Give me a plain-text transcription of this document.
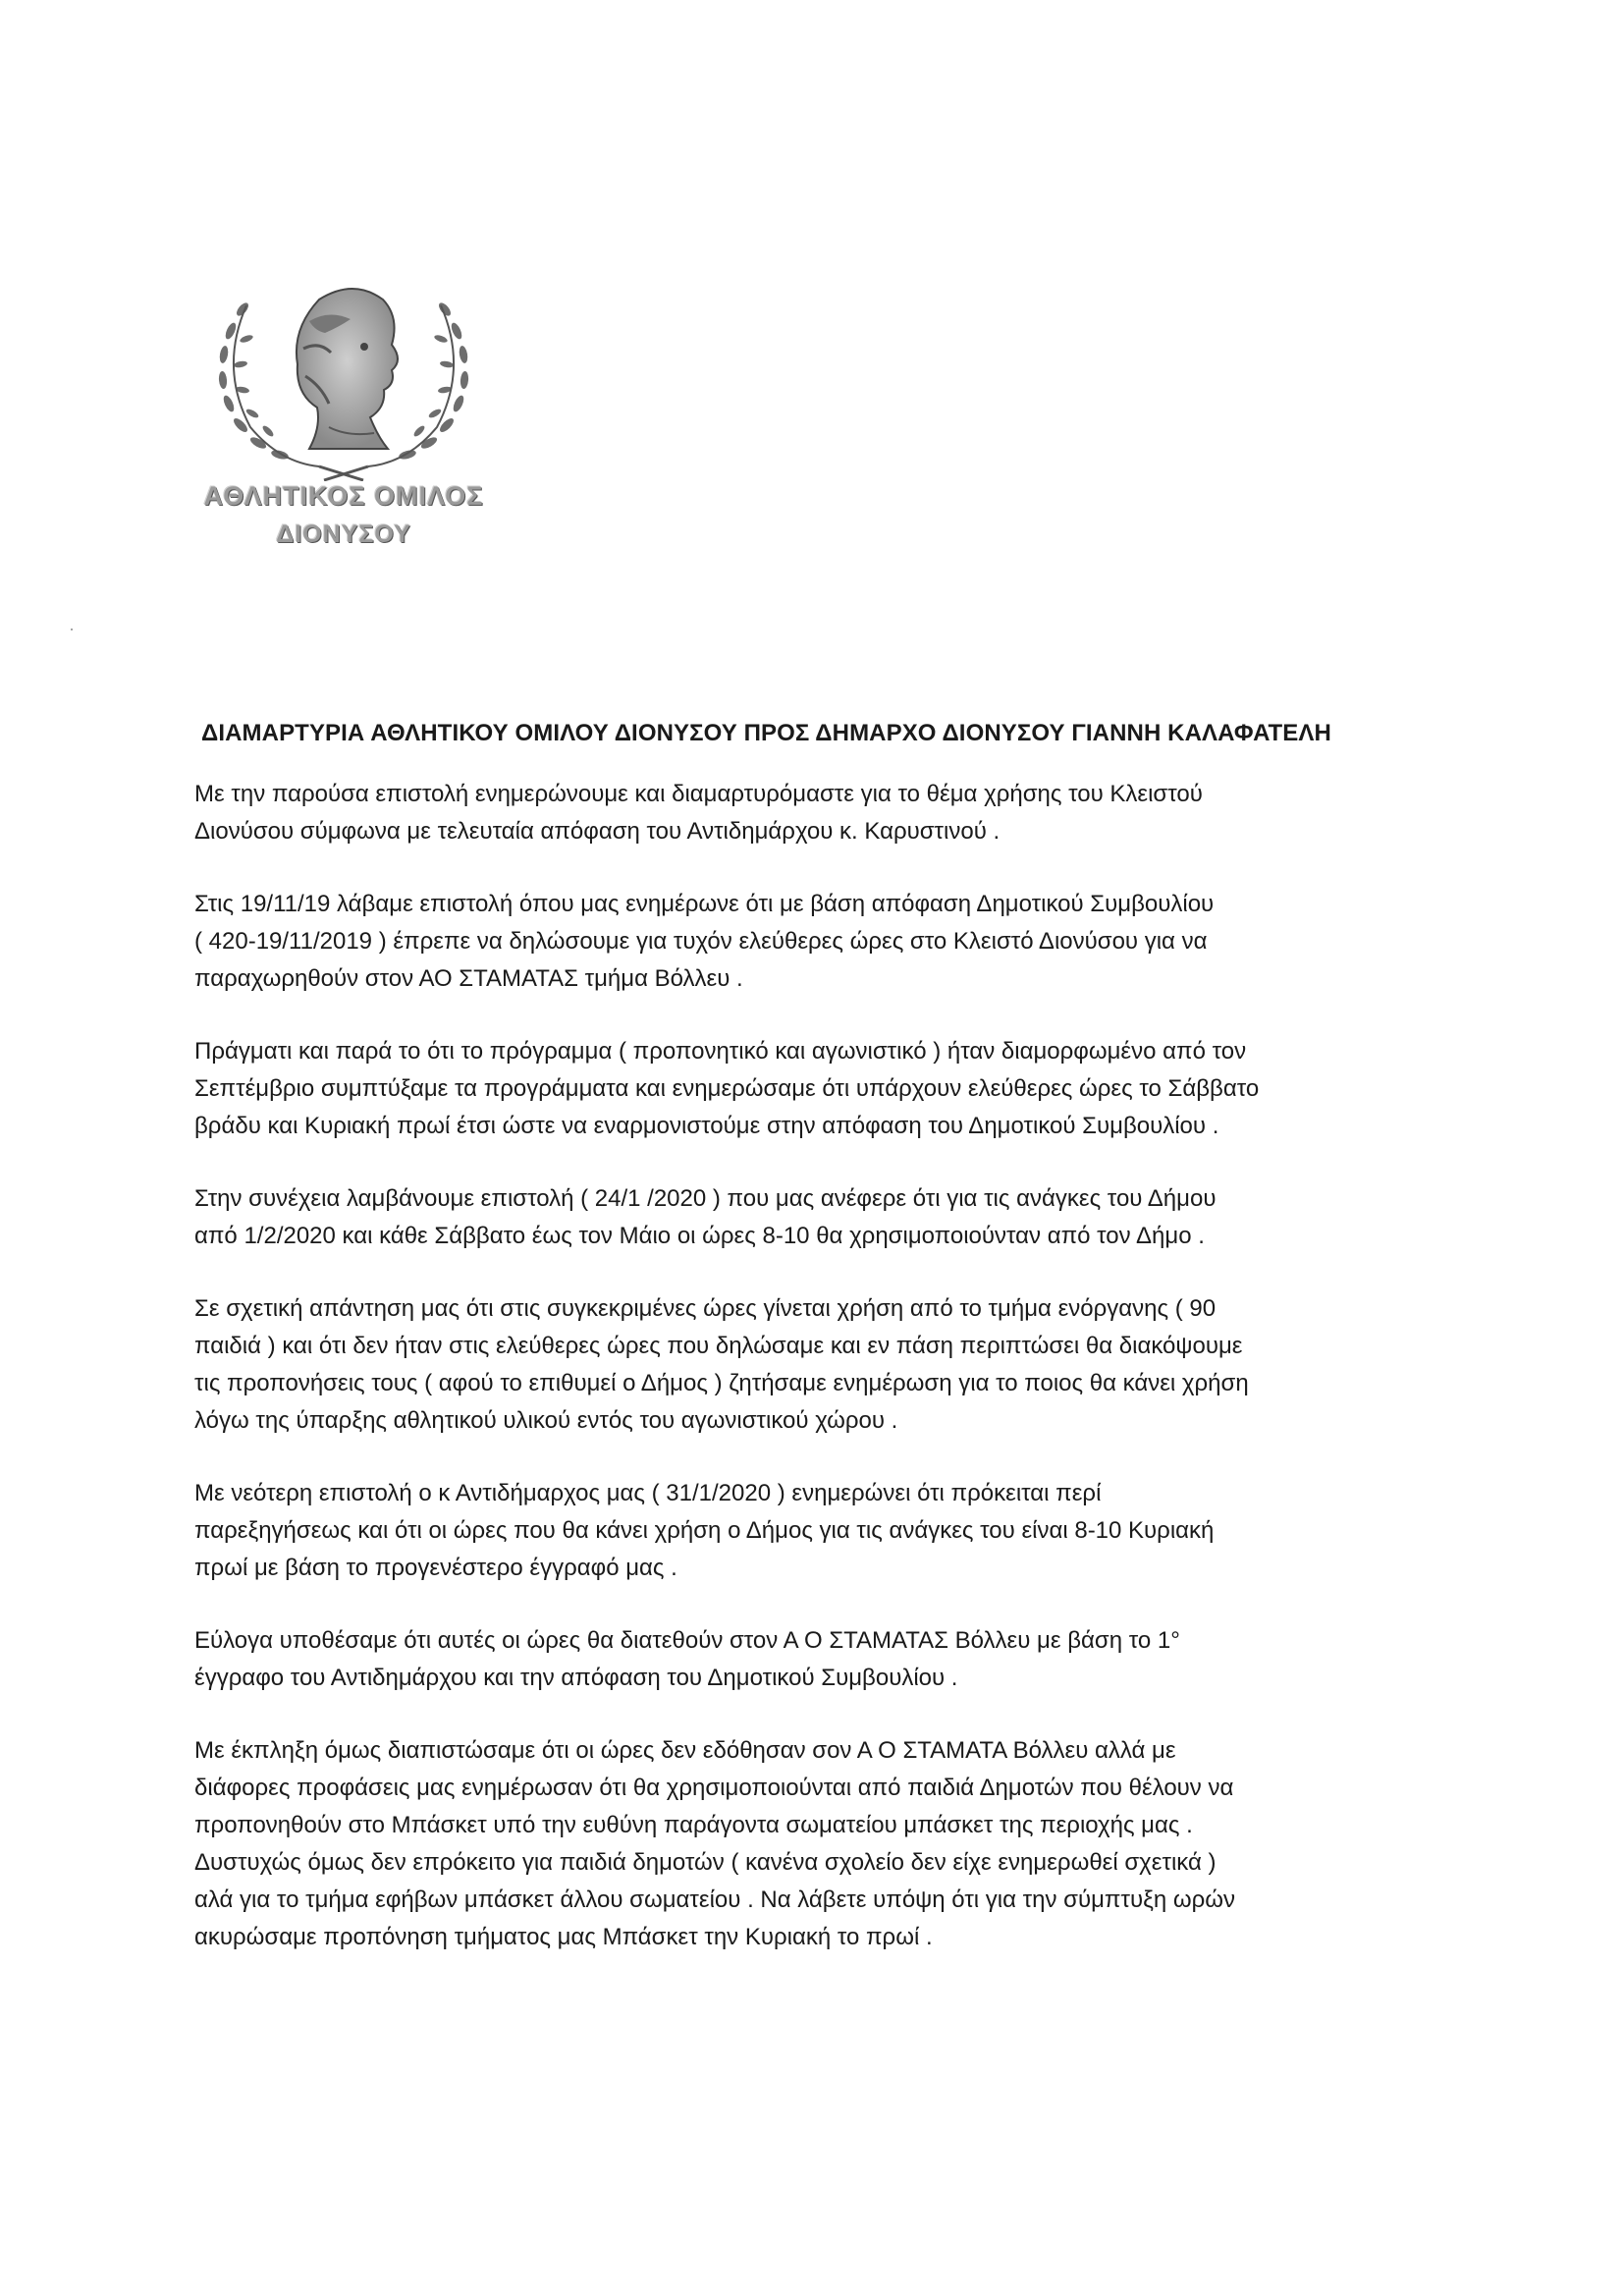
ΑΘΛΗΤΙΚΟΣ ΟΜΙΛΟΣ
ΔΙΟΝΥΣΟΥ
ΔΙΑΜΑΡΤΥΡΙΑ ΑΘΛΗΤΙΚΟΥ ΟΜΙΛΟΥ ΔΙΟΝΥΣΟΥ ΠΡΟΣ ΔΗΜΑΡΧΟ ΔΙΟΝΥΣΟΥ ΓΙΑΝΝΗ ΚΑΛΑΦΑΤΕΛΗ
Με την παρούσα επιστολή ενημερώνουμε και διαμαρτυρόμαστε για το θέμα χρήσης του Κλειστού
Διονύσου σύμφωνα με τελευταία απόφαση του Αντιδημάρχου κ. Καρυστινού .
Στις 19/11/19 λάβαμε επιστολή όπου μας ενημέρωνε ότι με βάση απόφαση Δημοτικού Συμβουλίου
( 420-19/11/2019 ) έπρεπε να δηλώσουμε για τυχόν ελεύθερες ώρες στο Κλειστό Διονύσου για να
παραχωρηθούν στον ΑΟ ΣΤΑΜΑΤΑΣ τμήμα Βόλλευ .
Πράγματι και παρά το ότι το πρόγραμμα ( προπονητικό και αγωνιστικό ) ήταν διαμορφωμένο από τον
Σεπτέμβριο συμπτύξαμε τα προγράμματα και ενημερώσαμε ότι υπάρχουν ελεύθερες ώρες το Σάββατο
βράδυ και Κυριακή πρωί έτσι ώστε να εναρμονιστούμε στην απόφαση του Δημοτικού Συμβουλίου .
Στην συνέχεια λαμβάνουμε επιστολή ( 24/1 /2020 ) που μας ανέφερε ότι για τις ανάγκες του Δήμου
από 1/2/2020 και κάθε Σάββατο έως τον Μάιο οι ώρες 8-10 θα χρησιμοποιούνταν από τον Δήμο .
Σε σχετική απάντηση μας ότι στις συγκεκριμένες ώρες γίνεται χρήση από το τμήμα ενόργανης ( 90
παιδιά ) και ότι δεν ήταν στις ελεύθερες ώρες που δηλώσαμε και εν πάση περιπτώσει θα διακόψουμε
τις προπονήσεις τους ( αφού το επιθυμεί ο Δήμος ) ζητήσαμε ενημέρωση για το ποιος θα κάνει χρήση
λόγω της ύπαρξης αθλητικού υλικού εντός του αγωνιστικού χώρου .
Με νεότερη επιστολή ο κ Αντιδήμαρχος μας ( 31/1/2020 ) ενημερώνει ότι πρόκειται περί
παρεξηγήσεως και ότι οι ώρες που θα κάνει χρήση ο Δήμος για τις ανάγκες του είναι 8-10 Κυριακή
πρωί με βάση το προγενέστερο έγγραφό μας .
Εύλογα υποθέσαμε ότι αυτές οι ώρες θα διατεθούν στον Α Ο ΣΤΑΜΑΤΑΣ Βόλλευ με βάση το 1°
έγγραφο του Αντιδημάρχου και την απόφαση του Δημοτικού Συμβουλίου .
Με έκπληξη όμως διαπιστώσαμε ότι οι ώρες δεν εδόθησαν σον Α Ο ΣΤΑΜΑΤΑ Βόλλευ αλλά με
διάφορες προφάσεις μας ενημέρωσαν ότι θα χρησιμοποιούνται από παιδιά Δημοτών που θέλουν να
προπονηθούν στο Μπάσκετ υπό την ευθύνη παράγοντα σωματείου μπάσκετ της περιοχής μας .
Δυστυχώς όμως δεν επρόκειτο για παιδιά δημοτών ( κανένα σχολείο δεν είχε ενημερωθεί σχετικά )
αλά για το τμήμα εφήβων μπάσκετ άλλου σωματείου . Να λάβετε υπόψη ότι για την σύμπτυξη ωρών
ακυρώσαμε προπόνηση τμήματος μας Μπάσκετ την Κυριακή το πρωί .
